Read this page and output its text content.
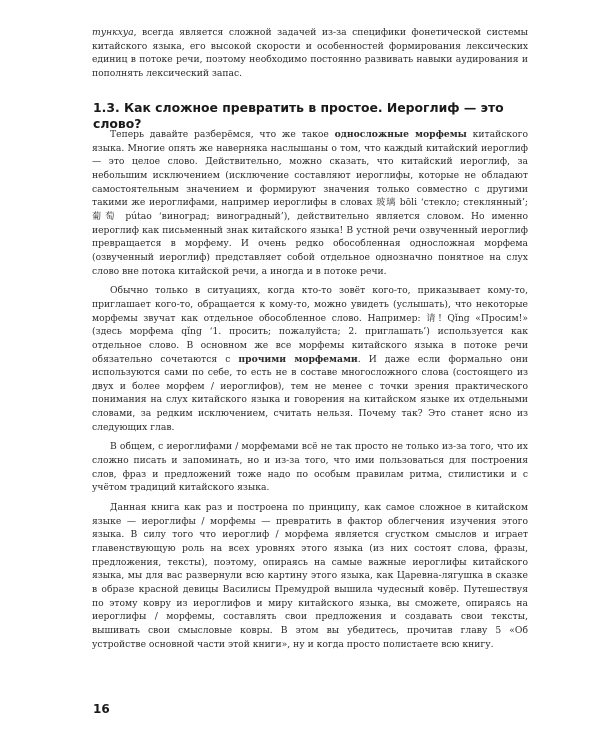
тункхуа, всегда является сложной задачей из-за специфики фонетической системы китайского языка, его высокой скорости и особенностей формирования лексических единиц в потоке речи, поэтому необходимо постоянно развивать навыки аудирования и пополнять лексический запас.

1.3. Как сложное превратить в простое. Иероглиф — это слово?

Теперь давайте разберёмся, что же такое односложные морфемы китайского языка. Многие опять же наверняка наслышаны о том, что каждый китайский иероглиф — это целое слово. Действительно, можно сказать, что китайский иероглиф, за небольшим исключением (исключение составляют иероглифы, которые не обладают самостоятельным значением и формируют значения только совместно с другими такими же иероглифами, например иероглифы в словах 玻璃 bōli ‘стекло; стеклянный’; 葡萄 pútao ‘виноград; виноградный’), действительно является словом. Но именно иероглиф как письменный знак китайского языка! В устной речи озвученный иероглиф превращается в морфему. И очень редко обособленная односложная морфема (озвученный иероглиф) представляет собой отдельное однозначно понятное на слух слово вне потока китайской речи, а иногда и в потоке речи.

Обычно только в ситуациях, когда кто-то зовёт кого-то, приказывает кому-то, приглашает кого-то, обращается к кому-то, можно увидеть (услышать), что некоторые морфемы звучат как отдельное обособленное слово. Например: 请! Qǐng «Просим!» (здесь морфема qǐng ‘1. просить; пожалуйста; 2. приглашать’) используется как отдельное слово. В основном же все морфемы китайского языка в потоке речи обязательно сочетаются с прочими морфемами. И даже если формально они используются сами по себе, то есть не в составе многосложного слова (состоящего из двух и более морфем / иероглифов), тем не менее с точки зрения практического понимания на слух китайского языка и говорения на китайском языке их отдельными словами, за редким исключением, считать нельзя. Почему так? Это станет ясно из следующих глав.

В общем, с иероглифами / морфемами всё не так просто не только из-за того, что их сложно писать и запоминать, но и из-за того, что ими пользоваться для построения слов, фраз и предложений тоже надо по особым правилам ритма, стилистики и с учётом традиций китайского языка.

Данная книга как раз и построена по принципу, как самое сложное в китайском языке — иероглифы / морфемы — превратить в фактор облегчения изучения этого языка. В силу того что иероглиф / морфема является сгустком смыслов и играет главенствующую роль на всех уровнях этого языка (из них состоят слова, фразы, предложения, тексты), поэтому, опираясь на самые важные иероглифы китайского языка, мы для вас развернули всю картину этого языка, как Царевна-лягушка в сказке в образе красной девицы Василисы Премудрой вышила чудесный ковёр. Путешествуя по этому ковру из иероглифов и миру китайского языка, вы сможете, опираясь на иероглифы / морфемы, составлять свои предложения и создавать свои тексты, вышивать свои смысловые ковры. В этом вы убедитесь, прочитав главу 5 «Об устройстве основной части этой книги», ну и когда просто полистаете всю книгу.

16
